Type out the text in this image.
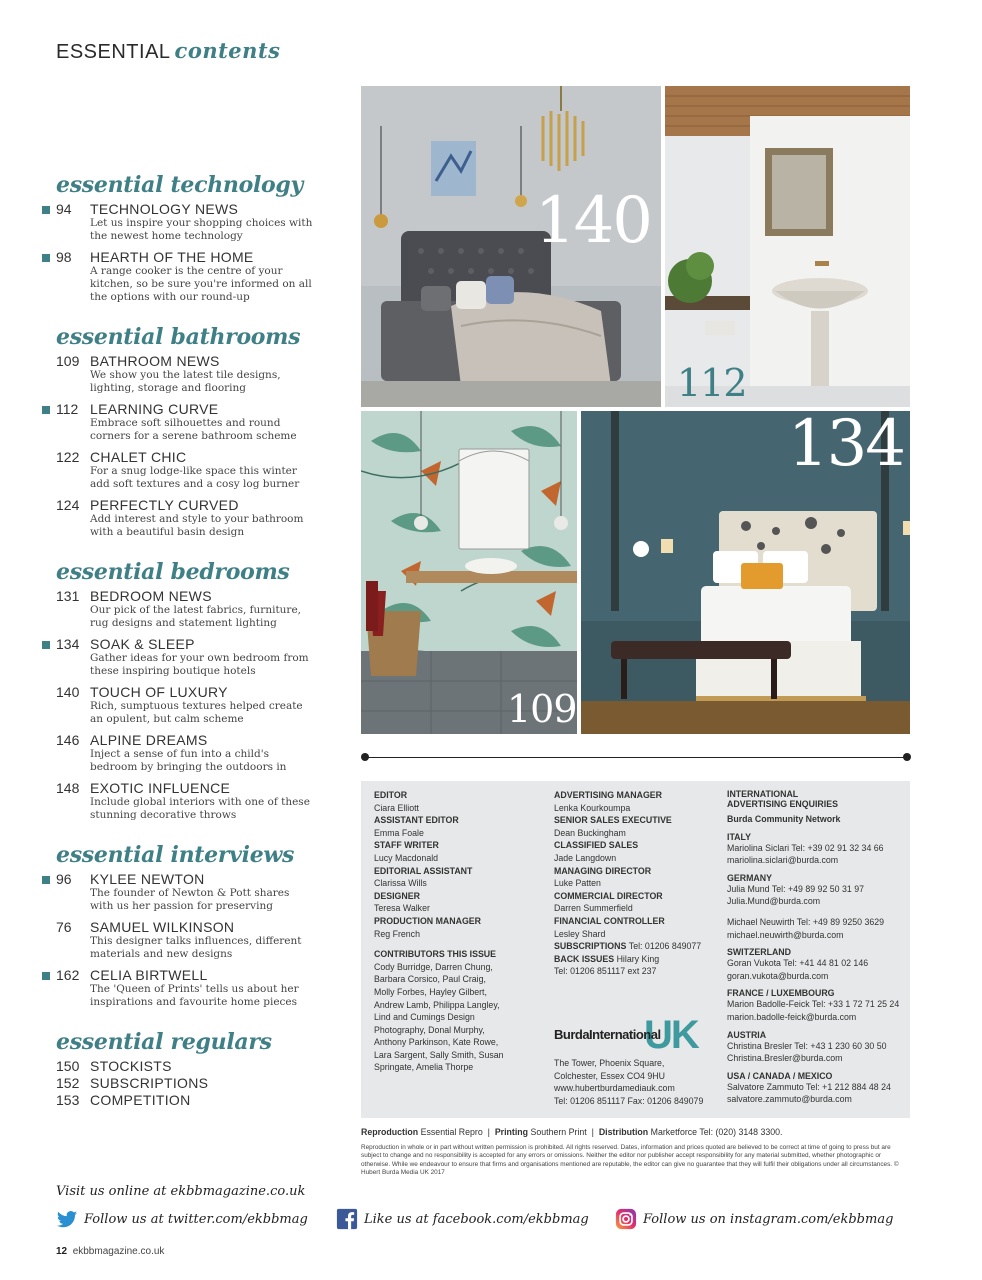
ESSENTIAL contents
essential technology
94 TECHNOLOGY NEWS
Let us inspire your shopping choices with the newest home technology
98 HEARTH OF THE HOME
A range cooker is the centre of your kitchen, so be sure you're informed on all the options with our round-up
essential bathrooms
109 BATHROOM NEWS
We show you the latest tile designs, lighting, storage and flooring
112 LEARNING CURVE
Embrace soft silhouettes and round corners for a serene bathroom scheme
122 CHALET CHIC
For a snug lodge-like space this winter add soft textures and a cosy log burner
124 PERFECTLY CURVED
Add interest and style to your bathroom with a beautiful basin design
essential bedrooms
131 BEDROOM NEWS
Our pick of the latest fabrics, furniture, rug designs and statement lighting
134 SOAK & SLEEP
Gather ideas for your own bedroom from these inspiring boutique hotels
140 TOUCH OF LUXURY
Rich, sumptuous textures helped create an opulent, but calm scheme
146 ALPINE DREAMS
Inject a sense of fun into a child's bedroom by bringing the outdoors in
148 EXOTIC INFLUENCE
Include global interiors with one of these stunning decorative throws
essential interviews
96 KYLEE NEWTON
The founder of Newton & Pott shares with us her passion for preserving
76 SAMUEL WILKINSON
This designer talks influences, different materials and new designs
162 CELIA BIRTWELL
The 'Queen of Prints' tells us about her inspirations and favourite home pieces
essential regulars
150 STOCKISTS
152 SUBSCRIPTIONS
153 COMPETITION
140
112
109
134
EDITOR
Ciara Elliott
ASSISTANT EDITOR
Emma Foale
STAFF WRITER
Lucy Macdonald
EDITORIAL ASSISTANT
Clarissa Wills
DESIGNER
Teresa Walker
PRODUCTION MANAGER
Reg French
CONTRIBUTORS THIS ISSUE
Cody Burridge, Darren Chung,
Barbara Corsico, Paul Craig,
Molly Forbes, Hayley Gilbert,
Andrew Lamb, Philippa Langley,
Lind and Cumings Design
Photography, Donal Murphy,
Anthony Parkinson, Kate Rowe,
Lara Sargent, Sally Smith, Susan
Springate, Amelia Thorpe
ADVERTISING MANAGER
Lenka Kourkoumpa
SENIOR SALES EXECUTIVE
Dean Buckingham
CLASSIFIED SALES
Jade Langdown
MANAGING DIRECTOR
Luke Patten
COMMERCIAL DIRECTOR
Darren Summerfield
FINANCIAL CONTROLLER
Lesley Shard
SUBSCRIPTIONS Tel: 01206 849077
BACK ISSUES Hilary King
Tel: 01206 851117 ext 237
UK
BurdaInternational
The Tower, Phoenix Square,
Colchester, Essex CO4 9HU
www.hubertburdamediauk.com
Tel: 01206 851117 Fax: 01206 849079
INTERNATIONAL
ADVERTISING ENQUIRIES
Burda Community Network
ITALY
Mariolina Siclari Tel: +39 02 91 32 34 66
mariolina.siclari@burda.com
GERMANY
Julia Mund Tel: +49 89 92 50 31 97
Julia.Mund@burda.com
Michael Neuwirth Tel: +49 89 9250 3629
michael.neuwirth@burda.com
SWITZERLAND
Goran Vukota Tel: +41 44 81 02 146
goran.vukota@burda.com
FRANCE / LUXEMBOURG
Marion Badolle-Feick Tel: +33 1 72 71 25 24
marion.badolle-feick@burda.com
AUSTRIA
Christina Bresler Tel: +43 1 230 60 30 50
Christina.Bresler@burda.com
USA / CANADA / MEXICO
Salvatore Zammuto Tel: +1 212 884 48 24
salvatore.zammuto@burda.com
Reproduction Essential Repro  |  Printing Southern Print  |  Distribution Marketforce Tel: (020) 3148 3300.
Reproduction in whole or in part without written permission is prohibited. All rights reserved. Dates, information and prices quoted are believed to be correct at time of going to press but are subject to change and no responsibility is accepted for any errors or omissions. Neither the editor nor publisher accept responsibility for any material submitted, whether photographic or otherwise. While we endeavour to ensure that firms and organisations mentioned are reputable, the editor can give no guarantee that they will fulfil their obligations under all circumstances. © Hubert Burda Media UK 2017
Visit us online at ekbbmagazine.co.uk
Follow us at twitter.com/ekbbmag	Like us at facebook.com/ekbbmag	Follow us on instagram.com/ekbbmag
12 ekbbmagazine.co.uk
